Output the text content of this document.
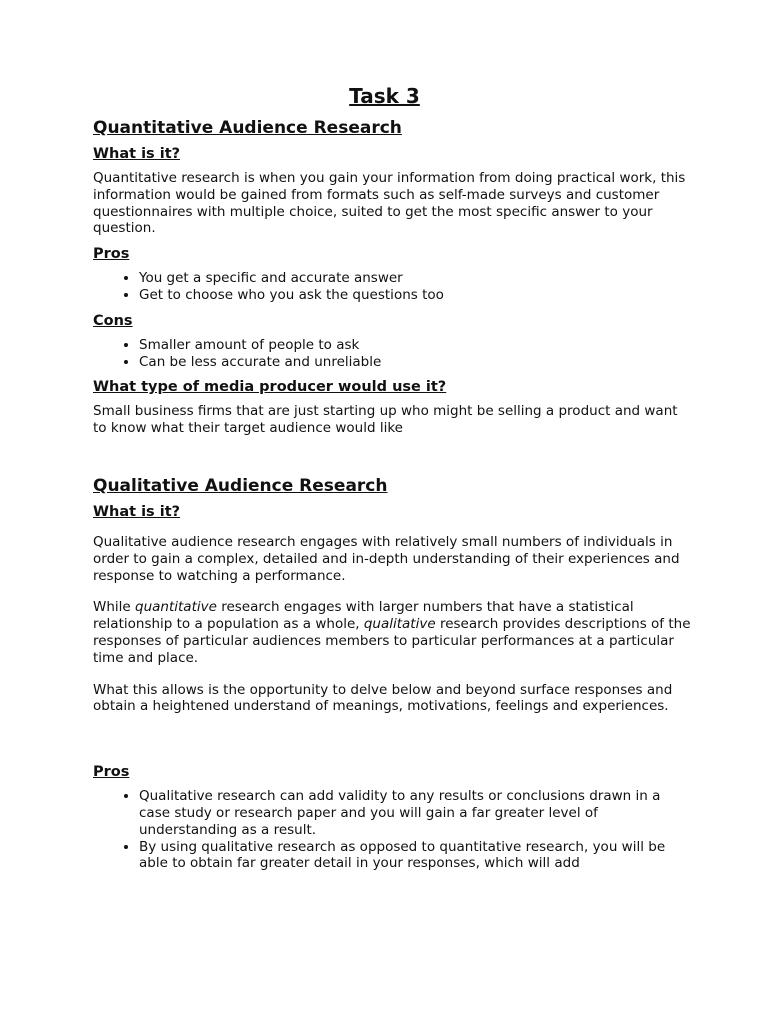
Task 3
Quantitative Audience Research
What is it?

Quantitative research is when you gain your information from doing practical work, this information would be gained from formats such as self-made surveys and customer questionnaires with multiple choice, suited to get the most specific answer to your question.

Pros
• You get a specific and accurate answer
• Get to choose who you ask the questions too
Cons
• Smaller amount of people to ask
• Can be less accurate and unreliable
What type of media producer would use it?

Small business firms that are just starting up who might be selling a product and want to know what their target audience would like

Qualitative Audience Research
What is it?

Qualitative audience research engages with relatively small numbers of individuals in order to gain a complex, detailed and in-depth understanding of their experiences and response to watching a performance.

While quantitative research engages with larger numbers that have a statistical relationship to a population as a whole, qualitative research provides descriptions of the responses of particular audiences members to particular performances at a particular time and place.

What this allows is the opportunity to delve below and beyond surface responses and obtain a heightened understand of meanings, motivations, feelings and experiences.

Pros
• Qualitative research can add validity to any results or conclusions drawn in a case study or research paper and you will gain a far greater level of understanding as a result.
• By using qualitative research as opposed to quantitative research, you will be able to obtain far greater detail in your responses, which will add
